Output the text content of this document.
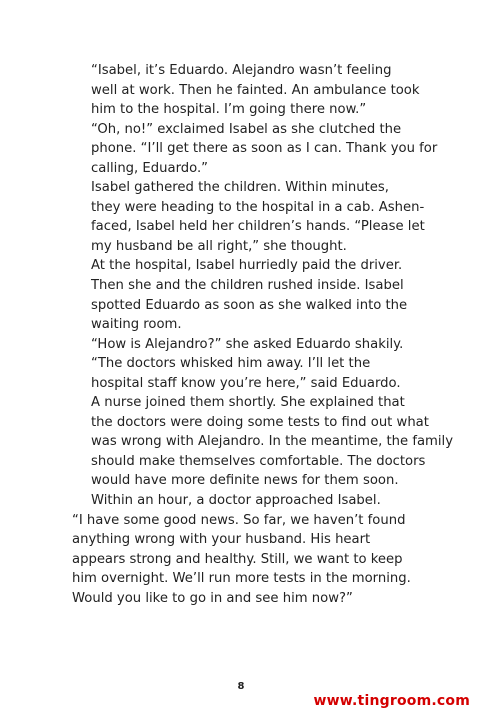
“Isabel, it’s Eduardo. Alejandro wasn’t feeling
well at work. Then he fainted. An ambulance took
him to the hospital. I’m going there now.”

“Oh, no!” exclaimed Isabel as she clutched the
phone. “I’ll get there as soon as I can. Thank you for
calling, Eduardo.”

Isabel gathered the children. Within minutes,
they were heading to the hospital in a cab. Ashen-
faced, Isabel held her children’s hands. “Please let
my husband be all right,” she thought.

At the hospital, Isabel hurriedly paid the driver.
Then she and the children rushed inside. Isabel
spotted Eduardo as soon as she walked into the
waiting room.

“How is Alejandro?” she asked Eduardo shakily.

“The doctors whisked him away. I’ll let the
hospital staff know you’re here,” said Eduardo.

A nurse joined them shortly. She explained that
the doctors were doing some tests to find out what
was wrong with Alejandro. In the meantime, the family
should make themselves comfortable. The doctors
would have more definite news for them soon.

Within an hour, a doctor approached Isabel.

“I have some good news. So far, we haven’t found
anything wrong with your husband. His heart
appears strong and healthy. Still, we want to keep
him overnight. We’ll run more tests in the morning.
Would you like to go in and see him now?”

8
www.tingroom.com
